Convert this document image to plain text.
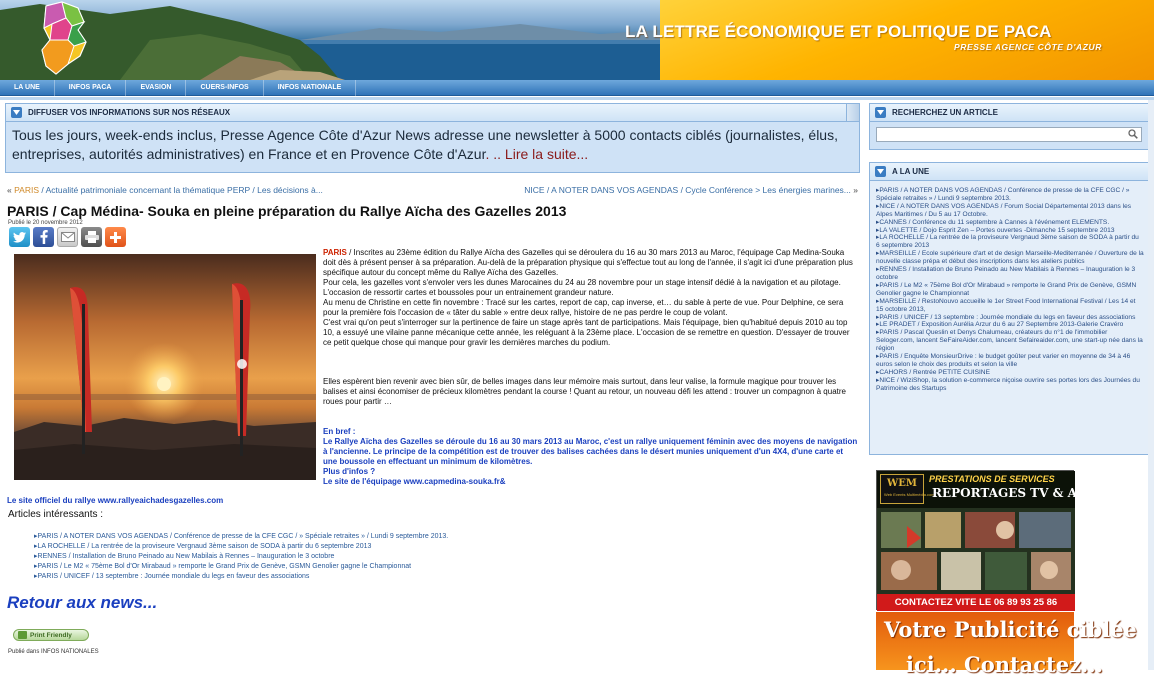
LA LETTRE ÉCONOMIQUE ET POLITIQUE DE PACA
PRESSE AGENCE CÔTE D'AZUR
LA UNE	INFOS PACA	EVASION	CUERS-INFOS	INFOS NATIONALE
DIFFUSER VOS INFORMATIONS SUR NOS RÉSEAUX
Tous les jours, week-ends inclus, Presse Agence Côte d'Azur News adresse une newsletter à 5000 contacts ciblés (journalistes, élus, entreprises, autorités administratives) en France et en Provence Côte d'Azur. .. Lire la suite...
« PARIS / Actualité patrimoniale concernant la thématique PERP / Les décisions à...	NICE / A NOTER DANS VOS AGENDAS / Cycle Conférence > Les énergies marines... »
PARIS / Cap Médina- Souka en pleine préparation du Rallye Aïcha des Gazelles 2013
Publié le 20 novembre 2012

PARIS / Inscrites au 23ème édition du Rallye Aïcha des Gazelles qui se déroulera du 16 au 30 mars 2013 au Maroc, l'équipage Cap Medina-Souka doit dès à présent penser à sa préparation. Au-delà de la préparation physique qui s'effectue tout au long de l'année, il s'agit ici d'une préparation plus spécifique autour du concept même du Rallye Aïcha des Gazelles.

Pour cela, les gazelles vont s'envoler vers les dunes Marocaines du 24 au 28 novembre pour un stage intensif dédié à la navigation et au pilotage. L'occasion de ressortir cartes et boussoles pour un entrainement grandeur nature.

Au menu de Christine en cette fin novembre : Tracé sur les cartes, report de cap, cap inverse, et… du sable à perte de vue. Pour Delphine, ce sera pour la première fois l'occasion de « tâter du sable » entre deux rallye, histoire de ne pas perdre le coup de volant.

C'est vrai qu'on peut s'interroger sur la pertinence de faire un stage après tant de participations. Mais l'équipage, bien qu'habitué depuis 2010 au top 10, a essuyé une vilaine panne mécanique cette année, les reléguant à la 23ème place. L'occasion de se remettre en question. D'essayer de trouver ce petit quelque chose qui manque pour gravir les dernières marches du podium.

Elles espèrent bien revenir avec bien sûr, de belles images dans leur mémoire mais surtout, dans leur valise, la formule magique pour trouver les balises et ainsi économiser de précieux kilomètres pendant la course ! Quant au retour, un nouveau défi les attend : trouver un compagnon à quatre roues pour partir …

En bref :

Le Rallye Aïcha des Gazelles se déroule du 16 au 30 mars 2013 au Maroc, c'est un rallye uniquement féminin avec des moyens de navigation à l'ancienne. Le principe de la compétition est de trouver des balises cachées dans le désert munies uniquement d'un 4X4, d'une carte et une boussole en effectuant un minimum de kilomètres.

Plus d'infos ?

Le site de l'équipage www.capmedina-souka.fr&

Le site officiel du rallye www.rallyeaichadesgazelles.com
Articles intéressants :
▸ PARIS / A NOTER DANS VOS AGENDAS / Conférence de presse de la CFE CGC / » Spéciale retraites » / Lundi 9 septembre 2013.
▸ LA ROCHELLE / La rentrée de la proviseure Vergnaud 3ème saison de SODA à partir du 6 septembre 2013
▸ RENNES / Installation de Bruno Peinado au New Mabilais à Rennes – Inauguration le 3 octobre
▸ PARIS / Le M2 « 75ème Bol d'Or Mirabaud » remporte le Grand Prix de Genève, GSMN Genolier gagne le Championnat
▸ PARIS / UNICEF / 13 septembre : Journée mondiale du legs en faveur des associations
Retour aux news...
Print Friendly
Publié dans INFOS NATIONALES
RECHERCHEZ UN ARTICLE
A LA UNE
▸ PARIS / A NOTER DANS VOS AGENDAS / Conférence de presse de la CFE CGC / » Spéciale retraites » / Lundi 9 septembre 2013.
▸ NICE / A NOTER DANS VOS AGENDAS / Forum Social Départemental 2013 dans les Alpes Maritimes / Du 5 au 17 Octobre.
▸ CANNES / Conférence du 11 septembre à Cannes à l'événement ELEMENTS.
▸ LA VALETTE / Dojo Esprit Zen – Portes ouvertes -Dimanche 15 septembre 2013
▸ LA ROCHELLE / La rentrée de la proviseure Vergnaud 3ème saison de SODA à partir du 6 septembre 2013
▸ MARSEILLE / Ecole supérieure d'art et de design Marseille-Mediterranée / Ouverture de la nouvelle classe prépa et début des inscriptions dans les ateliers publics
▸ RENNES / Installation de Bruno Peinado au New Mabilais à Rennes – Inauguration le 3 octobre
▸ PARIS / Le M2 « 75ème Bol d'Or Mirabaud » remporte le Grand Prix de Genève, GSMN Genolier gagne le Championnat
▸ MARSEILLE / RestoNouvo accueille le 1er Street Food International Festival / Les 14 et 15 octobre 2013,
▸ PARIS / UNICEF / 13 septembre : Journée mondiale du legs en faveur des associations
▸ LE PRADET / Exposition Aurélia Arzur du 6 au 27 Septembre 2013-Galerie Cravéro
▸ PARIS / Pascal Queslin et Denys Chalumeau, créateurs du n°1 de l'immobilier Seloger.com, lancent SeFaireAider.com, lancent Sefaireaider.com, une start-up née dans la région
▸ PARIS / Enquête MonsieurDrive : le budget goûter peut varier en moyenne de 34 à 46 euros selon le choix des produits et selon la ville
▸ CAHORS / Rentrée PETITE CUISINE
▸ NICE / WiziShop, la solution e-commerce niçoise ouvrire ses portes lors des Journées du Patrimoine des Startups
WEM
Web Events Multimédia.com
PRESTATIONS DE SERVICES
REPORTAGES TV & AUDIO
CONTACTEZ VITE LE 06 89 93 25 86
Votre Publicité ciblée
ici... Contactez...
